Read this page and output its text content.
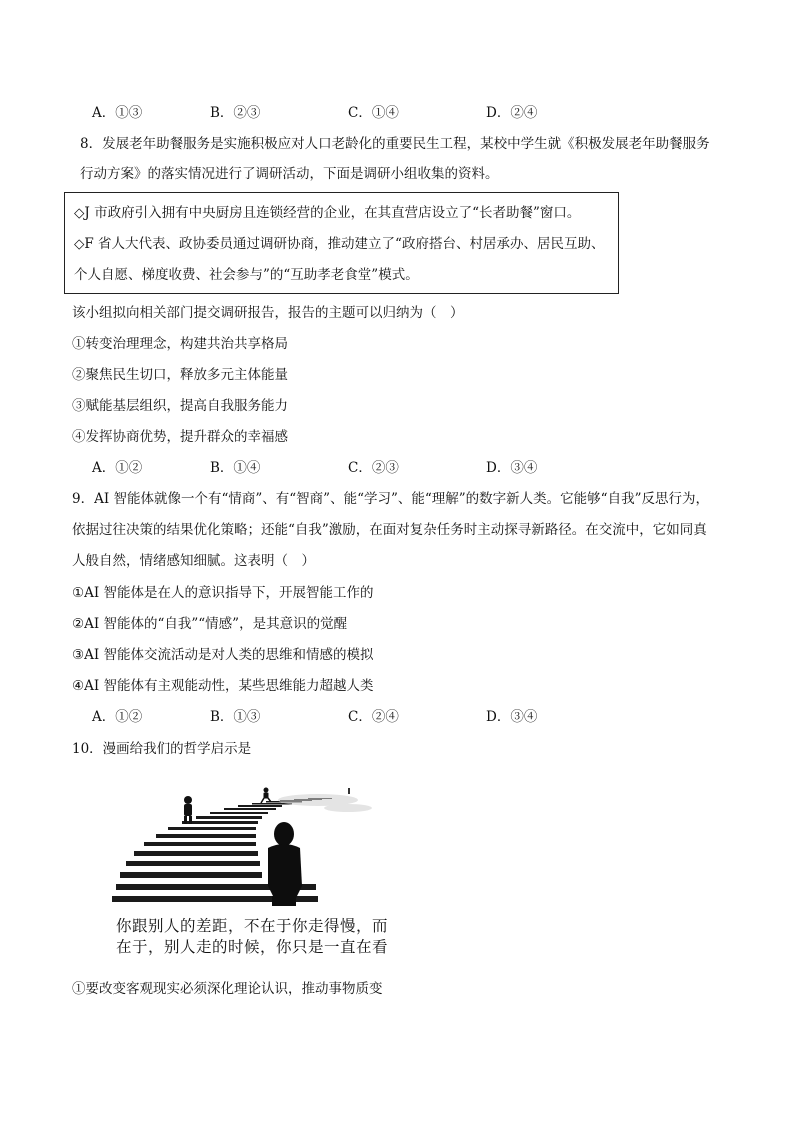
A．①③	B．②③	C．①④	D．②④
8．发展老年助餐服务是实施积极应对人口老龄化的重要民生工程，某校中学生就《积极发展老年助餐服务
行动方案》的落实情况进行了调研活动，下面是调研小组收集的资料。
◇J 市政府引入拥有中央厨房且连锁经营的企业，在其直营店设立了“长者助餐”窗口。
◇F 省人大代表、政协委员通过调研协商，推动建立了“政府搭台、村居承办、居民互助、
个人自愿、梯度收费、社会参与”的“互助孝老食堂”模式。
该小组拟向相关部门提交调研报告，报告的主题可以归纳为（　）
①转变治理理念，构建共治共享格局
②聚焦民生切口，释放多元主体能量
③赋能基层组织，提高自我服务能力
④发挥协商优势，提升群众的幸福感
A．①②	B．①④	C．②③	D．③④
9．AI 智能体就像一个有“情商”、有“智商”、能“学习”、能“理解”的数字新人类。它能够“自我”反思行为，
依据过往决策的结果优化策略；还能“自我”激励，在面对复杂任务时主动探寻新路径。在交流中，它如同真
人般自然，情绪感知细腻。这表明（　）
①AI 智能体是在人的意识指导下，开展智能工作的
②AI 智能体的“自我”“情感”，是其意识的觉醒
③AI 智能体交流活动是对人类的思维和情感的模拟
④AI 智能体有主观能动性，某些思维能力超越人类
A．①②	B．①③	C．②④	D．③④
10．漫画给我们的哲学启示是
你跟别人的差距，不在于你走得慢，而
在于，别人走的时候，你只是一直在看
①要改变客观现实必须深化理论认识，推动事物质变
